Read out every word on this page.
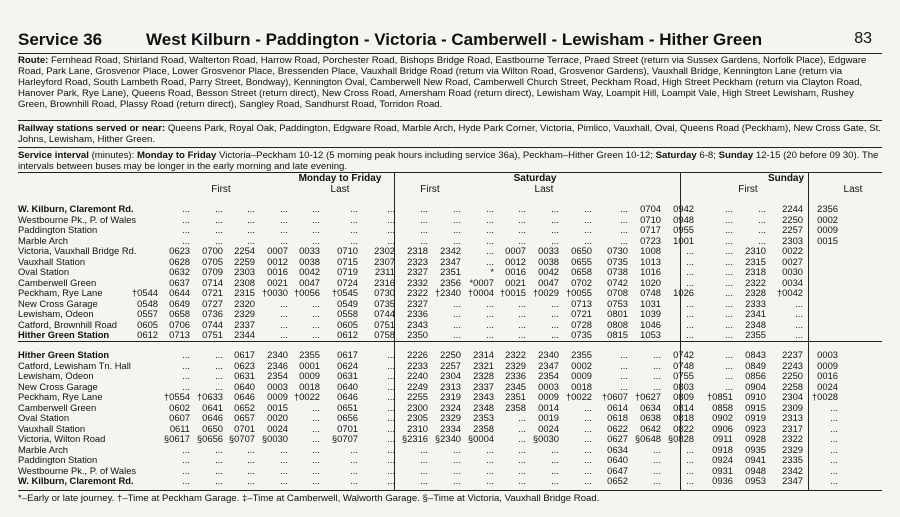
Service 36	West Kilburn - Paddington - Victoria - Camberwell - Lewisham - Hither Green	83

Route: Fernhead Road, Shirland Road, Walterton Road, Harrow Road, Porchester Road, Bishops Bridge Road, Eastbourne Terrace, Praed Street (return via Sussex Gardens, Norfolk Place), Edgware Road, Park Lane, Grosvenor Place, Lower Grosvenor Place, Bressenden Place, Vauxhall Bridge Road (return via Wilton Road, Grosvenor Gardens), Vauxhall Bridge, Kennington Lane (return via Harleyford Road, South Lambeth Road, Parry Street, Bondway), Kennington Oval, Camberwell New Road, Camberwell Church Street, Peckham Road, High Street Peckham (return via Clayton Road, Hanover Park, Rye Lane), Queens Road, Besson Street (return direct), New Cross Road, Amersham Road (return direct), Lewisham Way, Loampit Hill, Loampit Vale, High Street Lewisham, Rushey Green, Brownhill Road, Plassy Road (return direct), Sangley Road, Sandhurst Road, Torridon Road.

Railway stations served or near: Queens Park, Royal Oak, Paddington, Edgware Road, Marble Arch, Hyde Park Corner, Victoria, Pimlico, Vauxhall, Oval, Queens Road (Peckham), New Cross Gate, St. Johns, Lewisham, Hither Green.

Service interval (minutes): Monday to Friday Victoria–Peckham 10-12 (5 morning peak hours including service 36a), Peckham–Hither Green 10-12; Saturday 6-8; Sunday 12-15 (20 before 09 30). The intervals between buses may be longer in the early morning and late evening.

Monday to Friday	Saturday	Sunday
First	Last	First	Last	First	Last
W. Kilburn, Claremont Rd.	...	...	...	...	...	...	...	...	...	...	...	...	...	...	0704	0942	...	...	2244	2356
Westbourne Pk., P. of Wales	...	...	...	...	...	...	...	...	...	...	...	...	...	...	0710	0948	...	...	2250	0002
Paddington Station	...	...	...	...	...	...	...	...	...	...	...	...	...	...	0717	0955	...	...	2257	0009
Marble Arch	...	...	...	...	...	...	...	...	...	...	...	...	...	...	0723	1001	...	...	2303	0015
Victoria, Vauxhall Bridge Rd.	0623	0700	2254	0007	0033	0710	2302	2318	2342	...	0007	0033	0650	0730	1008	...	...	2310	0022
Vauxhall Station	0628	0705	2259	0012	0038	0715	2307	2323	2347	...	0012	0038	0655	0735	1013	...	...	2315	0027
Oval Station	0632	0709	2303	0016	0042	0719	2311	2327	2351	*	0016	0042	0658	0738	1016	...	...	2318	0030
Camberwell Green	0637	0714	2308	0021	0047	0724	2316	2332	2356 *0007	0021	0047	0702	0742	1020	...	...	2322	0034
Peckham, Rye Lane	†0544	0644	0721	2315 †0030 †0056	†0545	0730	2322 †2340 †0004 †0015 †0029 †0055	0708	0748	1026	...	2328	†0042
New Cross Garage	0548	0649	0727	2320	...	...	0549	0735	2327	...	...	...	...	0713	0753	1031	...	...	2333	...
Lewisham, Odeon	0557	0658	0736	2329	...	...	0558	0744	2336	...	...	...	...	0721	0801	1039	...	...	2341	...
Catford, Brownhill Road	0605	0706	0744	2337	...	...	0605	0751	2343	...	...	...	...	0728	0808	1046	...	...	2348	...
Hither Green Station	0612	0713	0751	2344	...	...	0612	0758	2350	...	...	...	...	0735	0815	1053	...	...	2355	...
Hither Green Station	...	...	0617	2340	2355	0617	...	2226	2250	2314	2322	2340	2355	...	...	0742	...	0843	2237	0003
Catford, Lewisham Tn. Hall	...	...	0623	2346	0001	0624	...	2233	2257	2321	2329	2347	0002	...	...	0748	...	0849	2243	0009
Lewisham, Odeon	...	...	0631	2354	0009	0631	...	2240	2304	2328	2336	2354	0009	...	...	0755	...	0856	2250	0016
New Cross Garage	...	...	0640	0003	0018	0640	...	2249	2313	2337	2345	0003	0018	...	...	0803	...	0904	2258	0024
Peckham, Rye Lane	†0554 †0633	0646	0009 †0022	0646	...	2255	2319	2343	2351	0009 †0022	†0607 †0627	0809	†0851	0910	2304 †0028
Camberwell Green	0602	0641	0652	0015	...	0651	...	2300	2324	2348	2358	0014	...	0614	0634	0814	0858	0915	2309	...
Oval Station	0607	0646	0657	0020	...	0656	...	2305	2329	2353	...	0019	...	0618	0638	0818	0902	0919	2313	...
Vauxhall Station	0611	0650	0701	0024	...	0701	...	2310	2334	2358	...	0024	...	0622	0642	0822	0906	0923	2317	...
Victoria, Wilton Road	§0617 §0656 §0707 §0030	...	§0707	... §2316 §2340 §0004	... §0030	...	0627 §0648 §0828	0911	0928	2322	...
Marble Arch	...	...	...	...	...	...	...	...	...	...	...	...	...	0634	...	...	0918	0935	2329	...
Paddington Station	...	...	...	...	...	...	...	...	...	...	...	...	...	0640	...	...	0924	0941	2335	...
Westbourne Pk., P. of Wales	...	...	...	...	...	...	...	...	...	...	...	...	...	0647	...	...	0931	0948	2342	...
W. Kilburn, Claremont Rd.	...	...	...	...	...	...	...	...	...	...	...	...	...	0652	...	...	0936	0953	2347	...
*–Early or late journey. †–Time at Peckham Garage. ‡–Time at Camberwell, Walworth Garage. §–Time at Victoria, Vauxhall Bridge Road.
